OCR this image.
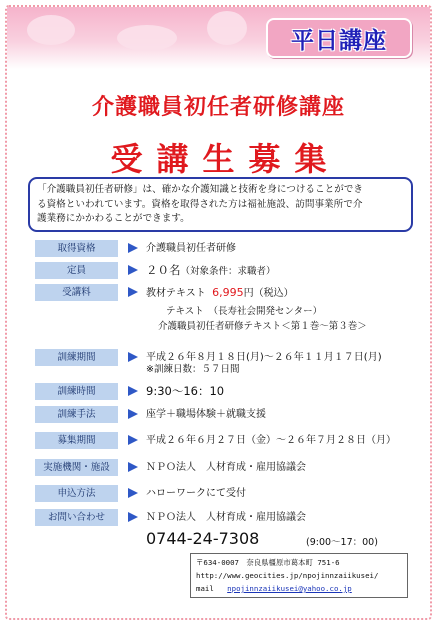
平日講座
介護職員初任者研修講座
受講生募集
「介護職員初任者研修」は、確かな介護知識と技術を身につけることができ
る資格といわれています。資格を取得された方は福祉施設、訪問事業所で介
護業務にかかわることができます。
取得資格	介護職員初任者研修
定員	２０名（対象条件：求職者）
受講料	教材テキスト 6,995円（税込）
テキスト　（長寿社会開発センター）
介護職員初任者研修テキスト＜第１巻～第３巻＞
訓練期間	平成２６年８月１８日(月)～２６年１１月１７日(月)
※訓練日数：５７日間
訓練時間	9:30～16：10
訓練手法	座学＋職場体験＋就職支援
募集期間	平成２６年６月２７日（金）～２６年７月２８日（月）
実施機関・施設	ＮＰＯ法人　人材育成・雇用協議会
申込方法	ハローワークにて受付
お問い合わせ	ＮＰＯ法人　人材育成・雇用協議会
0744-24-7308	(9:00～17：00)
〒634-0007　奈良県橿原市葛本町 751-6
http://www.geocities.jp/npojinnzaiikusei/
mail npojinnzaiikusei@yahoo.co.jp
